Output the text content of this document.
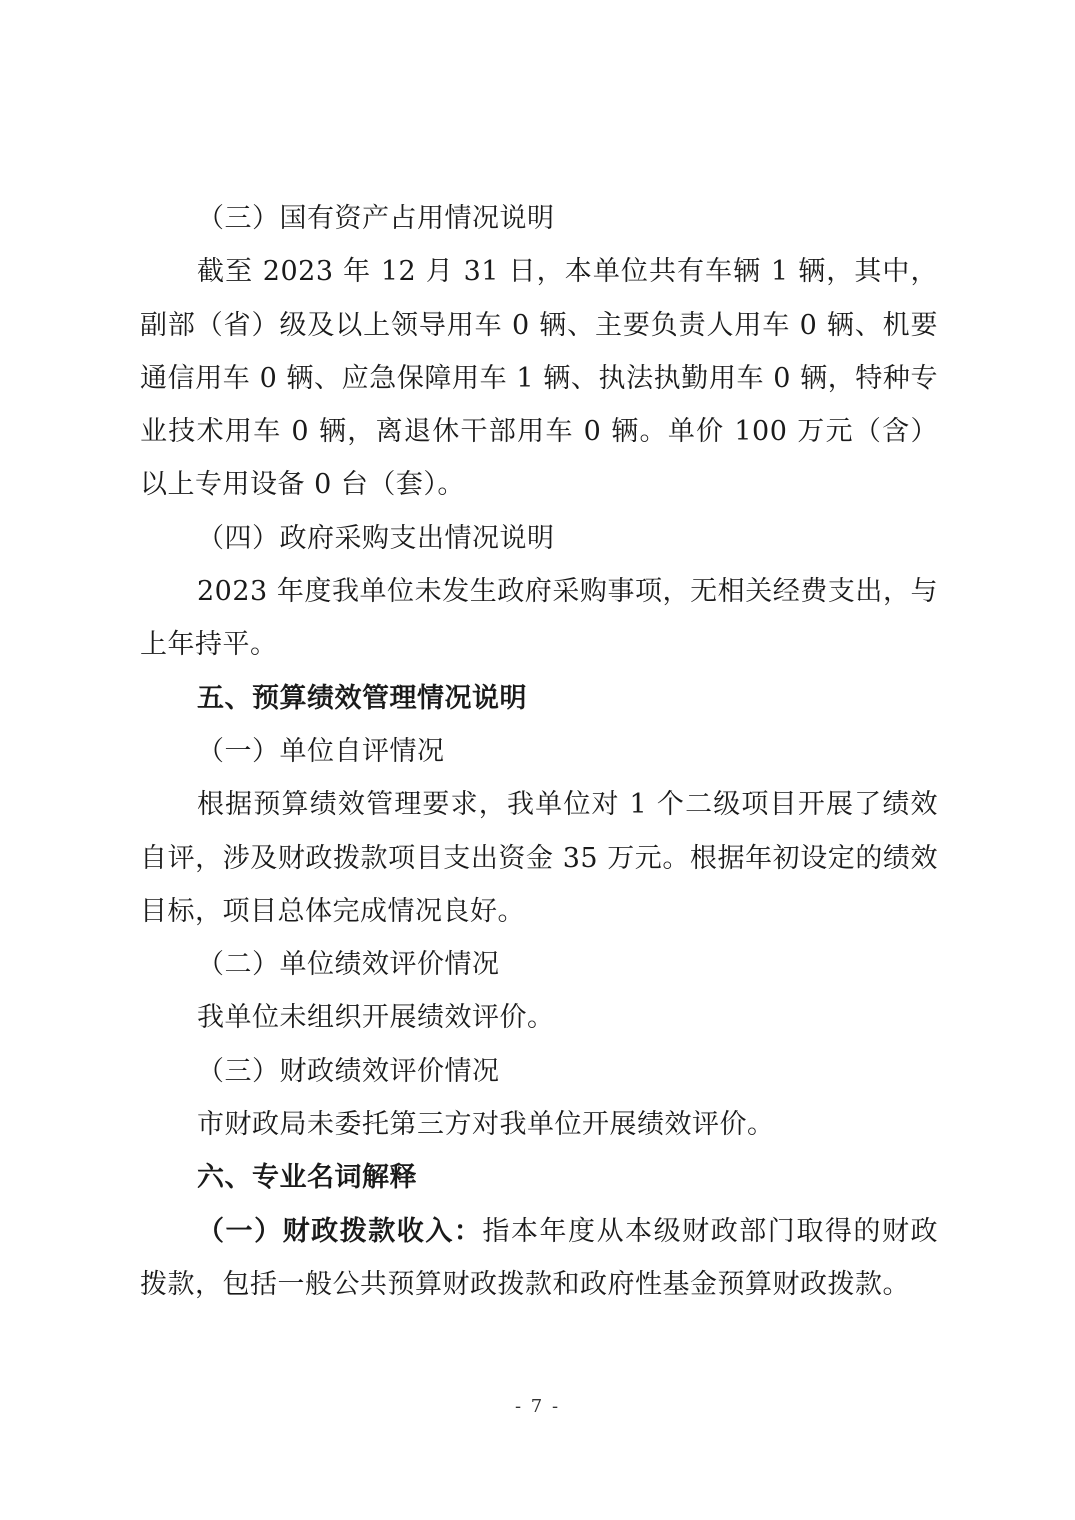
（三）国有资产占用情况说明

截至 2023 年 12 月 31 日，本单位共有车辆 1 辆，其中，副部（省）级及以上领导用车 0 辆、主要负责人用车 0 辆、机要通信用车 0 辆、应急保障用车 1 辆、执法执勤用车 0 辆，特种专业技术用车 0 辆，离退休干部用车 0 辆。单价 100 万元（含）以上专用设备 0 台（套）。

（四）政府采购支出情况说明

2023 年度我单位未发生政府采购事项，无相关经费支出，与上年持平。

五、预算绩效管理情况说明

（一）单位自评情况

根据预算绩效管理要求，我单位对 1 个二级项目开展了绩效自评，涉及财政拨款项目支出资金 35 万元。根据年初设定的绩效目标，项目总体完成情况良好。

（二）单位绩效评价情况

我单位未组织开展绩效评价。

（三）财政绩效评价情况

市财政局未委托第三方对我单位开展绩效评价。

六、专业名词解释

（一）财政拨款收入：指本年度从本级财政部门取得的财政拨款，包括一般公共预算财政拨款和政府性基金预算财政拨款。

- 7 -
